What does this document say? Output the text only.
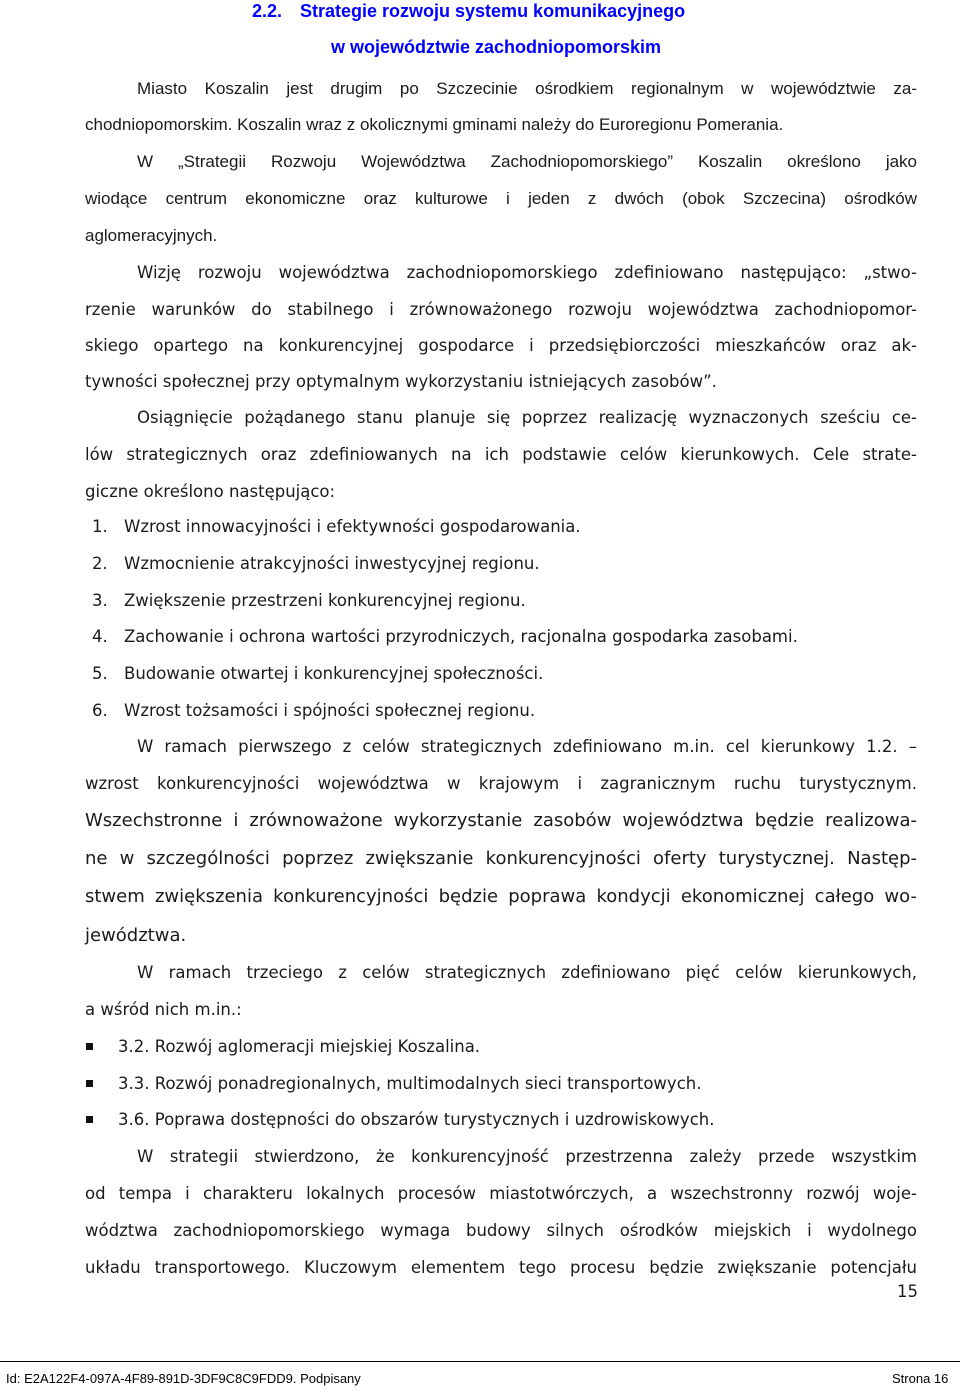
2.2. Strategie rozwoju systemu komunikacyjnego
w województwie zachodniopomorskim
Miasto Koszalin jest drugim po Szczecinie ośrodkiem regionalnym w województwie za-
chodniopomorskim. Koszalin wraz z okolicznymi gminami należy do Euroregionu Pomerania.
W „Strategii Rozwoju Województwa Zachodniopomorskiego” Koszalin określono jako
wiodące centrum ekonomiczne oraz kulturowe i jeden z dwóch (obok Szczecina) ośrodków
aglomeracyjnych.
Wizję rozwoju województwa zachodniopomorskiego zdefiniowano następująco: „stwo-
rzenie warunków do stabilnego i zrównoważonego rozwoju województwa zachodniopomor-
skiego opartego na konkurencyjnej gospodarce i przedsiębiorczości mieszkańców oraz ak-
tywności społecznej przy optymalnym wykorzystaniu istniejących zasobów”.
Osiągnięcie pożądanego stanu planuje się poprzez realizację wyznaczonych sześciu ce-
lów strategicznych oraz zdefiniowanych na ich podstawie celów kierunkowych. Cele strate-
giczne określono następująco:
1. Wzrost innowacyjności i efektywności gospodarowania.
2. Wzmocnienie atrakcyjności inwestycyjnej regionu.
3. Zwiększenie przestrzeni konkurencyjnej regionu.
4. Zachowanie i ochrona wartości przyrodniczych, racjonalna gospodarka zasobami.
5. Budowanie otwartej i konkurencyjnej społeczności.
6. Wzrost tożsamości i spójności społecznej regionu.
W ramach pierwszego z celów strategicznych zdefiniowano m.in. cel kierunkowy 1.2. –
wzrost konkurencyjności województwa w krajowym i zagranicznym ruchu turystycznym.
Wszechstronne i zrównoważone wykorzystanie zasobów województwa będzie realizowa-
ne w szczególności poprzez zwiększanie konkurencyjności oferty turystycznej. Następ-
stwem zwiększenia konkurencyjności będzie poprawa kondycji ekonomicznej całego wo-
jewództwa.
W ramach trzeciego z celów strategicznych zdefiniowano pięć celów kierunkowych,
a wśród nich m.in.:
3.2. Rozwój aglomeracji miejskiej Koszalina.
3.3. Rozwój ponadregionalnych, multimodalnych sieci transportowych.
3.6. Poprawa dostępności do obszarów turystycznych i uzdrowiskowych.
W strategii stwierdzono, że konkurencyjność przestrzenna zależy przede wszystkim
od tempa i charakteru lokalnych procesów miastotwórczych, a wszechstronny rozwój woje-
wództwa zachodniopomorskiego wymaga budowy silnych ośrodków miejskich i wydolnego
układu transportowego. Kluczowym elementem tego procesu będzie zwiększanie potencjału
15
Id: E2A122F4-097A-4F89-891D-3DF9C8C9FDD9. Podpisany	Strona 16
